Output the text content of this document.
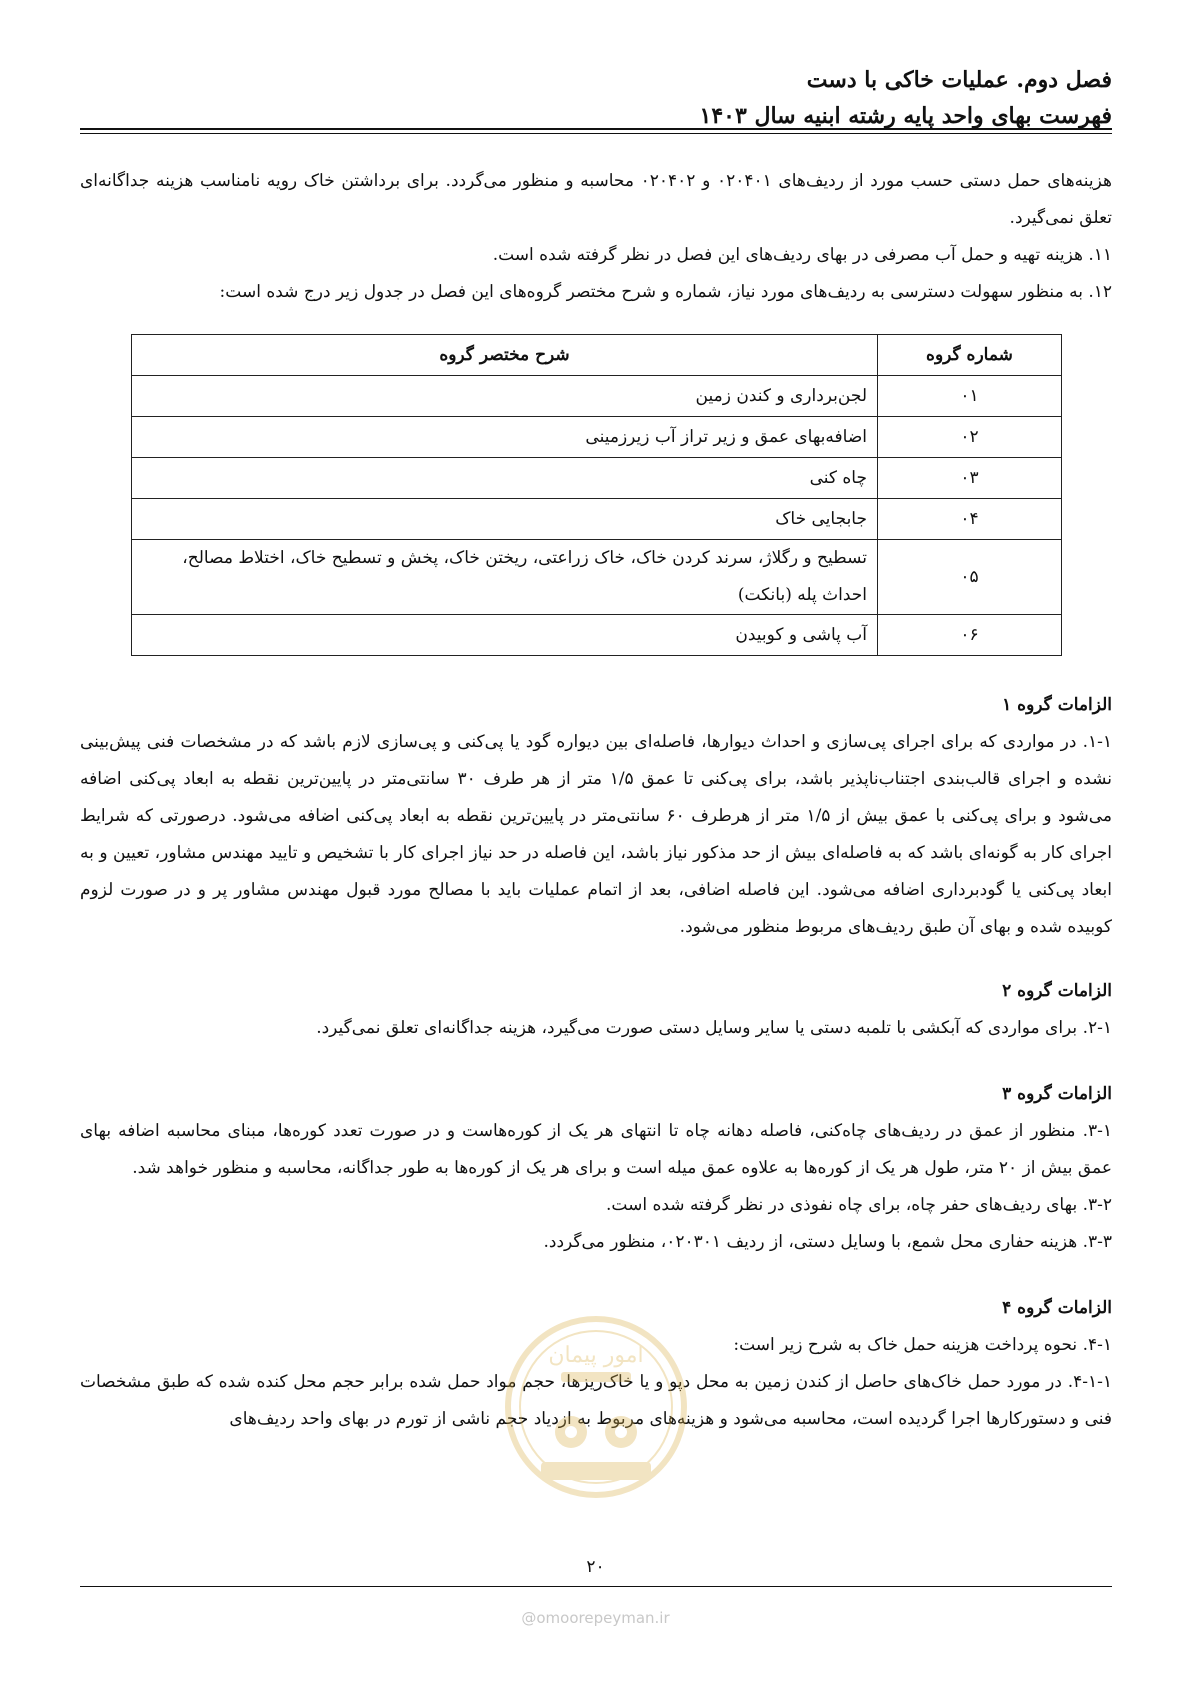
فصل دوم. عملیات خاکی با دست
فهرست بهای واحد پایه رشته ابنیه سال ۱۴۰۳

هزینه‌های حمل دستی حسب مورد از ردیف‌های ۰۲۰۴۰۱ و ۰۲۰۴۰۲ محاسبه و منظور می‌گردد. برای برداشتن خاک رویه نامناسب هزینه جداگانه‌ای تعلق نمی‌گیرد.

۱۱. هزینه تهیه و حمل آب مصرفی در بهای ردیف‌های این فصل در نظر گرفته شده است.

۱۲. به منظور سهولت دسترسی به ردیف‌های مورد نیاز، شماره و شرح مختصر گروه‌های این فصل در جدول زیر درج شده است:

شماره گروه	شرح مختصر گروه
۰۱	لجن‌برداری و کندن زمین
۰۲	اضافه‌بهای عمق و زیر تراز آب زیرزمینی
۰۳	چاه کنی
۰۴	جابجایی خاک
۰۵	تسطیح و رگلاژ، سرند کردن خاک، خاک زراعتی، ریختن خاک، پخش و تسطیح خاک، اختلاط مصالح، احداث پله (بانکت)
۰۶	آب پاشی و کوبیدن

الزامات گروه ۱

۱-۱. در مواردی که برای اجرای پی‌سازی و احداث دیوارها، فاصله‌ای بین دیواره گود یا پی‌کنی و پی‌سازی لازم باشد که در مشخصات فنی پیش‌بینی نشده و اجرای قالب‌بندی اجتناب‌ناپذیر باشد، برای پی‌کنی تا عمق ۱/۵ متر از هر طرف ۳۰ سانتی‌متر در پایین‌ترین نقطه به ابعاد پی‌کنی اضافه می‌شود و برای پی‌کنی با عمق بیش از ۱/۵ متر از هرطرف ۶۰ سانتی‌متر در پایین‌ترین نقطه به ابعاد پی‌کنی اضافه می‌شود. درصورتی که شرایط اجرای کار به گونه‌ای باشد که به فاصله‌ای بیش از حد مذکور نیاز باشد، این فاصله در حد نیاز اجرای کار با تشخیص و تایید مهندس مشاور، تعیین و به ابعاد پی‌کنی یا گودبرداری اضافه می‌شود. این فاصله اضافی، بعد از اتمام عملیات باید با مصالح مورد قبول مهندس مشاور پر و در صورت لزوم کوبیده شده و بهای آن طبق ردیف‌های مربوط منظور می‌شود.

الزامات گروه ۲

۲-۱. برای مواردی که آبکشی با تلمبه دستی یا سایر وسایل دستی صورت می‌گیرد، هزینه جداگانه‌ای تعلق نمی‌گیرد.

الزامات گروه ۳

۳-۱. منظور از عمق در ردیف‌های چاه‌کنی، فاصله دهانه چاه تا انتهای هر یک از کوره‌هاست و در صورت تعدد کوره‌ها، مبنای محاسبه اضافه بهای عمق بیش از ۲۰ متر، طول هر یک از کوره‌ها به علاوه عمق میله است و برای هر یک از کوره‌ها به طور جداگانه، محاسبه و منظور خواهد شد.

۳-۲. بهای ردیف‌های حفر چاه، برای چاه نفوذی در نظر گرفته شده است.

۳-۳. هزینه حفاری محل شمع، با وسایل دستی، از ردیف ۰۲۰۳۰۱، منظور می‌گردد.

الزامات گروه ۴

۴-۱. نحوه پرداخت هزینه حمل خاک به شرح زیر است:

۴-۱-۱. در مورد حمل خاک‌های حاصل از کندن زمین به محل دپو و یا خاک‌ریزها، حجم مواد حمل شده برابر حجم محل کنده شده که طبق مشخصات فنی و دستورکارها اجرا گردیده است، محاسبه می‌شود و هزینه‌های مربوط به ازدیاد حجم ناشی از تورم در بهای واحد ردیف‌های

امور پیمان
۲۰
@omoorepeyman.ir
